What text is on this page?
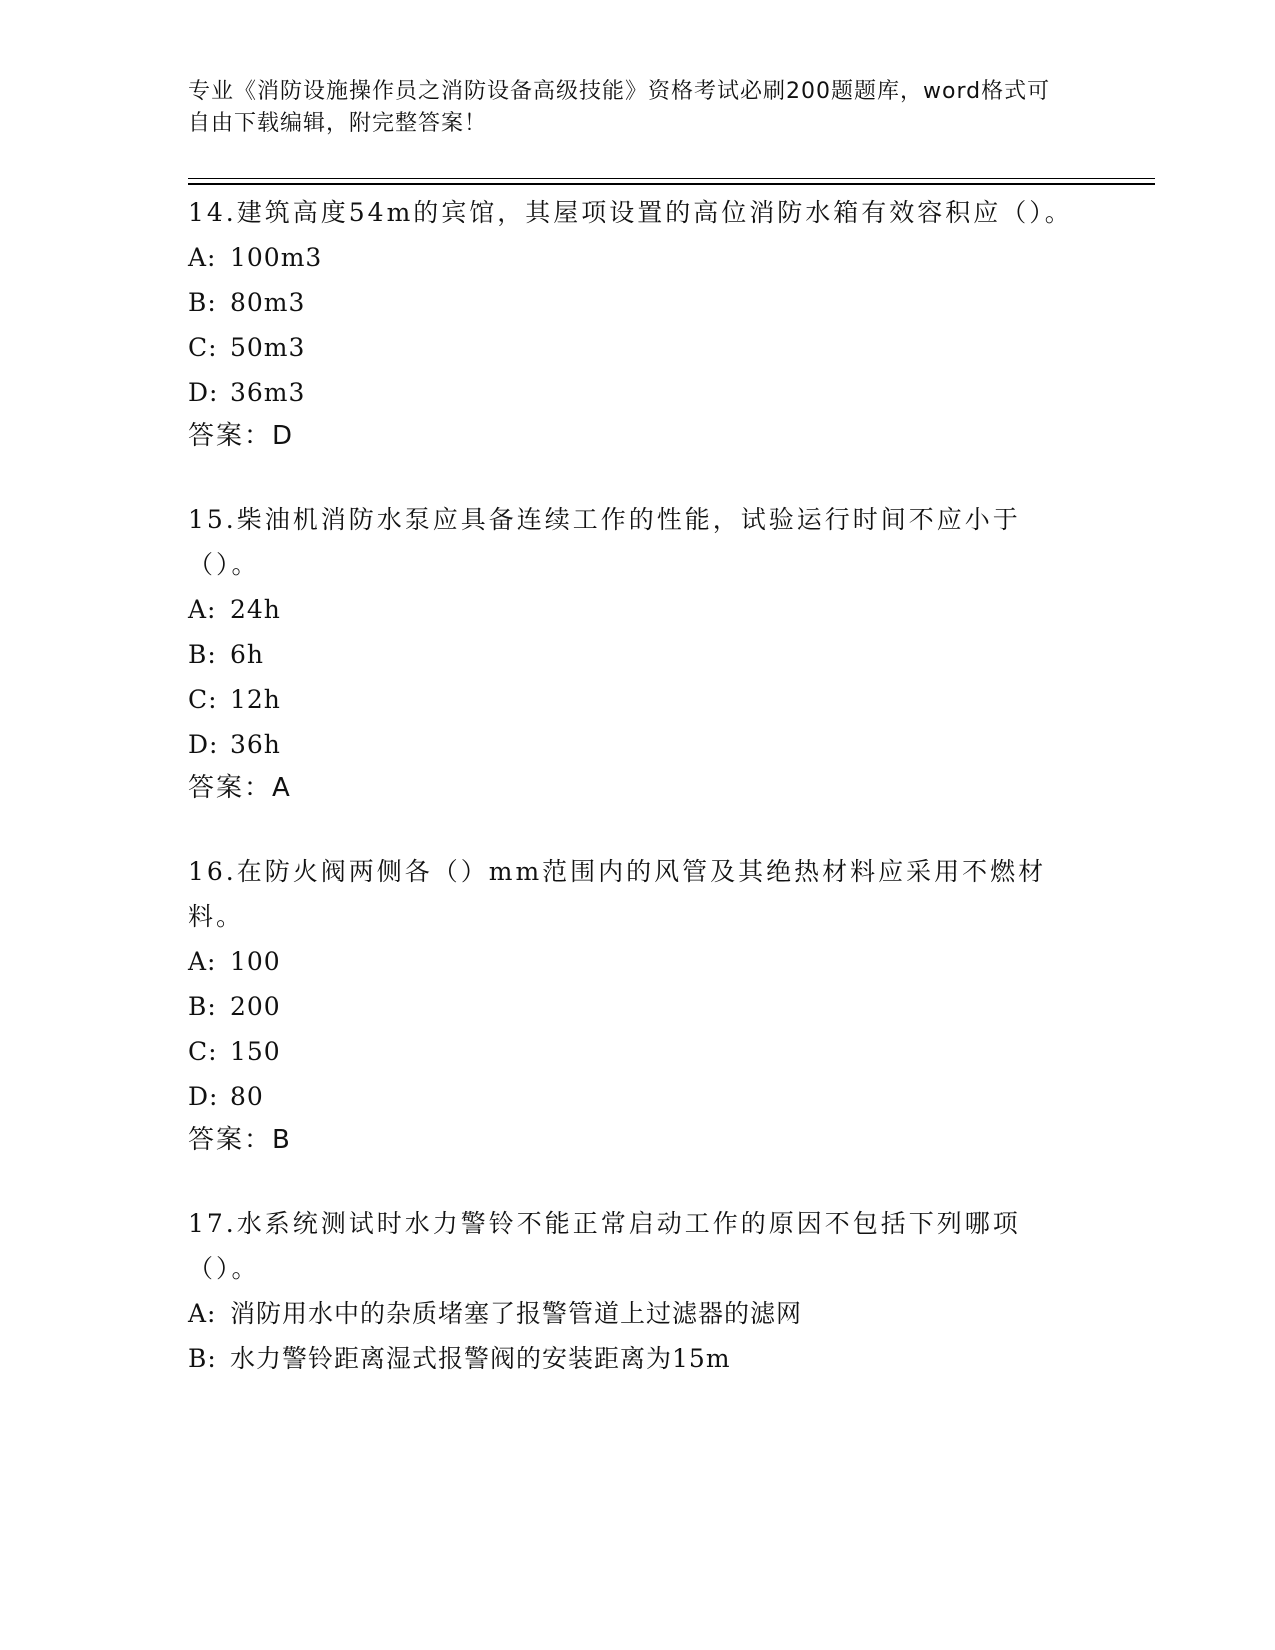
专业《消防设施操作员之消防设备高级技能》资格考试必刷200题题库，word格式可自由下载编辑，附完整答案！
14.建筑高度54m的宾馆，其屋项设置的高位消防水箱有效容积应（）。
A: 100m3
B: 80m3
C: 50m3
D: 36m3
答案：D
15.柴油机消防水泵应具备连续工作的性能，试验运行时间不应小于（）。
A: 24h
B: 6h
C: 12h
D: 36h
答案：A
16.在防火阀两侧各（）mm范围内的风管及其绝热材料应采用不燃材料。
A: 100
B: 200
C: 150
D: 80
答案：B
17.水系统测试时水力警铃不能正常启动工作的原因不包括下列哪项（）。
A: 消防用水中的杂质堵塞了报警管道上过滤器的滤网
B: 水力警铃距离湿式报警阀的安装距离为15m
